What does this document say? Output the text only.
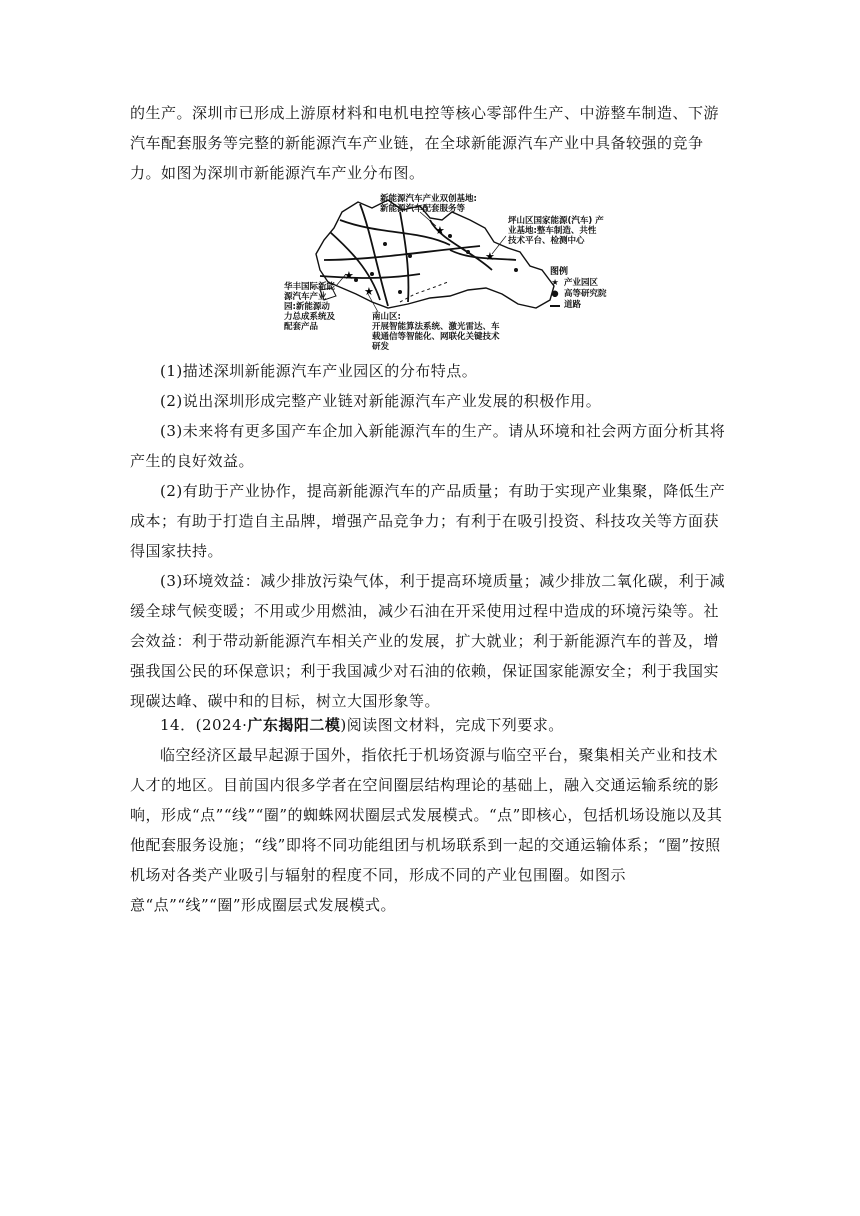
的生产。深圳市已形成上游原材料和电机电控等核心零部件生产、中游整车制造、下游汽车配套服务等完整的新能源汽车产业链，在全球新能源汽车产业中具备较强的竞争力。如图为深圳市新能源汽车产业分布图。

★
★
★
★
新能源汽车产业双创基地:
新能源汽车配套服务等
坪山区国家能源(汽车) 产
业基地:整车制造、共性
技术平台、检测中心
华丰国际新能
源汽车产业
园:新能源动
力总成系统及
配套产品
南山区:
开展智能算法系统、激光雷达、车
载通信等智能化、网联化关键技术
研发
图例
★ 产业园区
● 高等研究院
道路

(1)描述深圳新能源汽车产业园区的分布特点。

(2)说出深圳形成完整产业链对新能源汽车产业发展的积极作用。

(3)未来将有更多国产车企加入新能源汽车的生产。请从环境和社会两方面分析其将产生的良好效益。

(2)有助于产业协作，提高新能源汽车的产品质量；有助于实现产业集聚，降低生产成本；有助于打造自主品牌，增强产品竞争力；有利于在吸引投资、科技攻关等方面获得国家扶持。

(3)环境效益：减少排放污染气体，利于提高环境质量；减少排放二氧化碳，利于减缓全球气候变暖；不用或少用燃油，减少石油在开采使用过程中造成的环境污染等。社会效益：利于带动新能源汽车相关产业的发展，扩大就业；利于新能源汽车的普及，增强我国公民的环保意识；利于我国减少对石油的依赖，保证国家能源安全；利于我国实现碳达峰、碳中和的目标，树立大国形象等。

14．(2024·广东揭阳二模)阅读图文材料，完成下列要求。

临空经济区最早起源于国外，指依托于机场资源与临空平台，聚集相关产业和技术人才的地区。目前国内很多学者在空间圈层结构理论的基础上，融入交通运输系统的影响，形成“点”“线”“圈”的蜘蛛网状圈层式发展模式。“点”即核心，包括机场设施以及其他配套服务设施；“线”即将不同功能组团与机场联系到一起的交通运输体系；“圈”按照机场对各类产业吸引与辐射的程度不同，形成不同的产业包围圈。如图示意“点”“线”“圈”形成圈层式发展模式。
